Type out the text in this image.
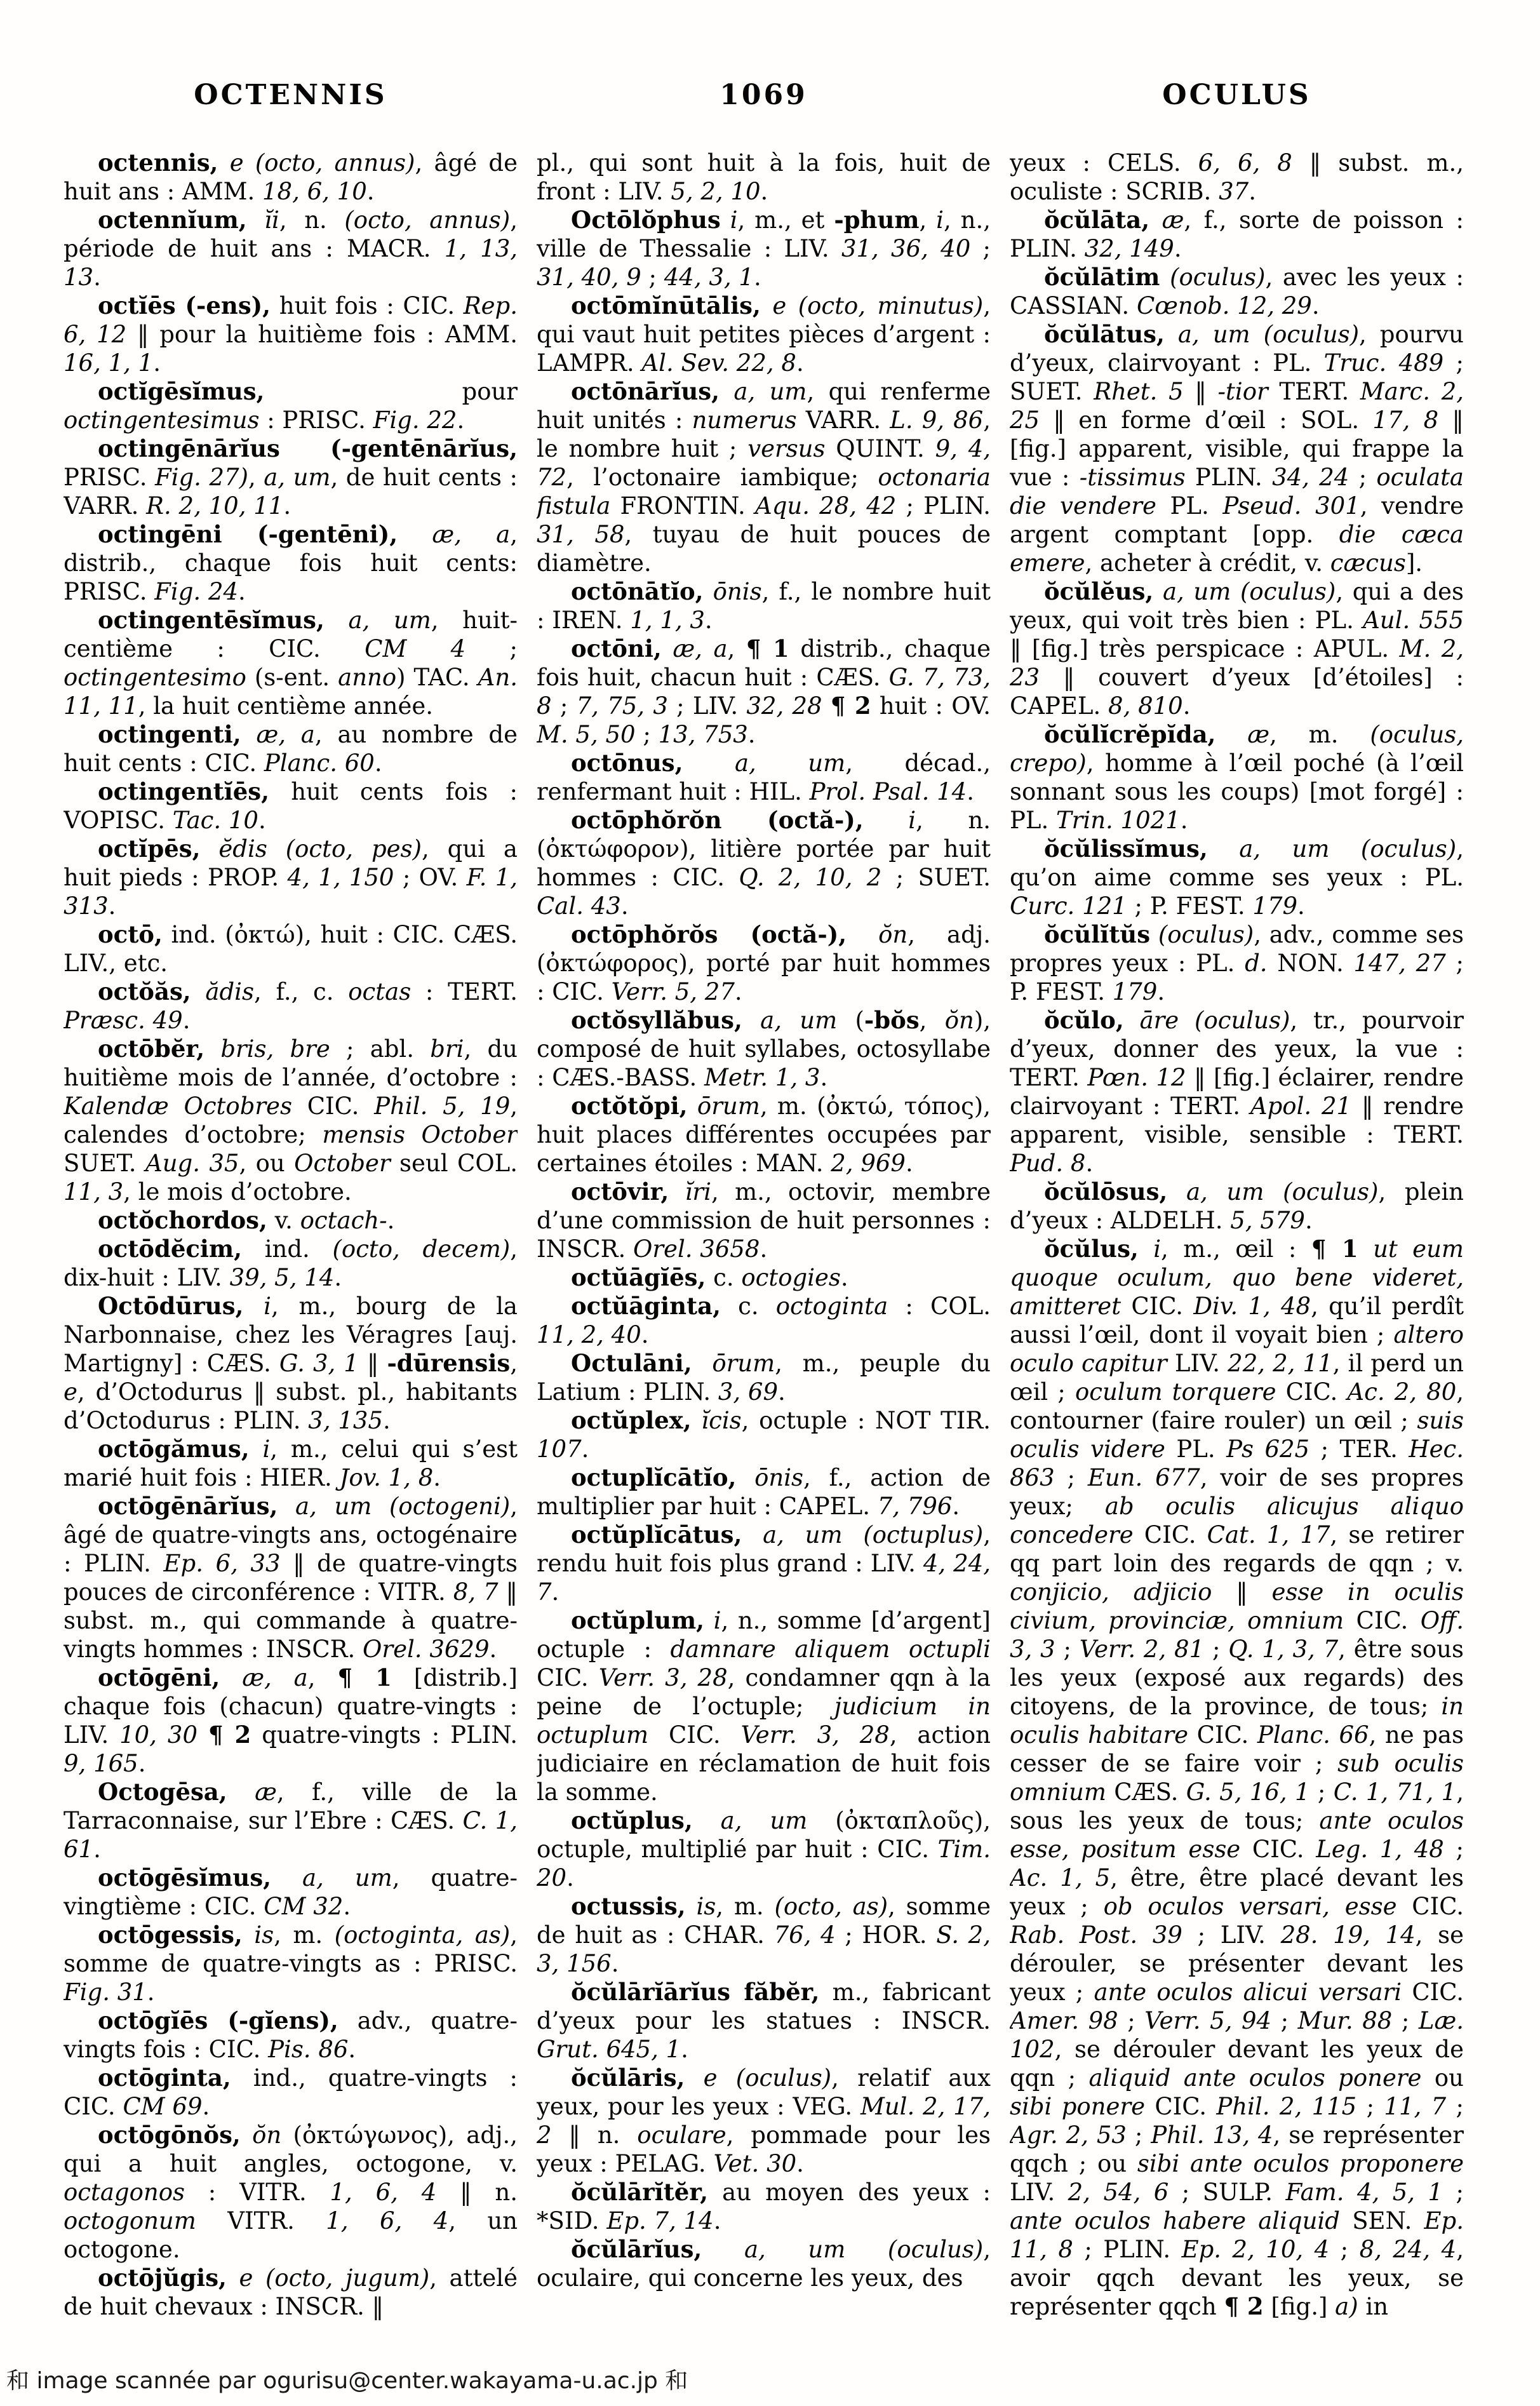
OCTENNIS	1069	OCULUS

octennis, e (octo, annus), âgé de huit ans : AMM. 18, 6, 10.

octennĭum, ĭi, n. (octo, annus), période de huit ans : MACR. 1, 13, 13.

octĭēs (-ens), huit fois : CIC. Rep. 6, 12 ‖ pour la huitième fois : AMM. 16, 1, 1.

octĭgēsĭmus, pour octingentesimus : PRISC. Fig. 22.

octingēnārĭus (-gentēnārĭus, PRISC. Fig. 27), a, um, de huit cents : VARR. R. 2, 10, 11.

octingēni (-gentēni), æ, a, distrib., chaque fois huit cents: PRISC. Fig. 24.

octingentēsĭmus, a, um, huit-centième : CIC. CM 4 ; octingentesimo (s-ent. anno) TAC. An. 11, 11, la huit centième année.

octingenti, æ, a, au nombre de huit cents : CIC. Planc. 60.

octingentĭēs, huit cents fois : VOPISC. Tac. 10.

octĭpēs, ĕdis (octo, pes), qui a huit pieds : PROP. 4, 1, 150 ; OV. F. 1, 313.

octō, ind. (ὀκτώ), huit : CIC. CÆS. LIV., etc.

octŏăs, ădis, f., c. octas : TERT. Præsc. 49.

octōbĕr, bris, bre ; abl. bri, du huitième mois de l’année, d’octobre : Kalendæ Octobres CIC. Phil. 5, 19, calendes d’octobre; mensis October SUET. Aug. 35, ou October seul COL. 11, 3, le mois d’octobre.

octŏchordos, v. octach-.

octōdĕcim, ind. (octo, decem), dix-huit : LIV. 39, 5, 14.

Octōdūrus, i, m., bourg de la Narbonnaise, chez les Véragres [auj. Martigny] : CÆS. G. 3, 1 ‖ -dūrensis, e, d’Octodurus ‖ subst. pl., habitants d’Octodurus : PLIN. 3, 135.

octōgămus, i, m., celui qui s’est marié huit fois : HIER. Jov. 1, 8.

octōgēnārĭus, a, um (octogeni), âgé de quatre-vingts ans, octogénaire : PLIN. Ep. 6, 33 ‖ de quatre-vingts pouces de circonférence : VITR. 8, 7 ‖ subst. m., qui commande à quatre-vingts hommes : INSCR. Orel. 3629.

octōgēni, æ, a, ¶ 1 [distrib.] chaque fois (chacun) quatre-vingts : LIV. 10, 30 ¶ 2 quatre-vingts : PLIN. 9, 165.

Octogēsa, æ, f., ville de la Tarraconnaise, sur l’Ebre : CÆS. C. 1, 61.

octōgēsĭmus, a, um, quatre-vingtième : CIC. CM 32.

octōgessis, is, m. (octoginta, as), somme de quatre-vingts as : PRISC. Fig. 31.

octōgĭēs (-gĭens), adv., quatre-vingts fois : CIC. Pis. 86.

octōginta, ind., quatre-vingts : CIC. CM 69.

octōgōnŏs, ŏn (ὀκτώγωνος), adj., qui a huit angles, octogone, v. octagonos : VITR. 1, 6, 4 ‖ n. octogonum VITR. 1, 6, 4, un octogone.

octōjŭgis, e (octo, jugum), attelé de huit chevaux : INSCR. ‖

pl., qui sont huit à la fois, huit de front : LIV. 5, 2, 10.

Octōlŏphus i, m., et -phum, i, n., ville de Thessalie : LIV. 31, 36, 40 ; 31, 40, 9 ; 44, 3, 1.

octōmĭnūtālis, e (octo, minutus), qui vaut huit petites pièces d’argent : LAMPR. Al. Sev. 22, 8.

octōnārĭus, a, um, qui renferme huit unités : numerus VARR. L. 9, 86, le nombre huit ; versus QUINT. 9, 4, 72, l’octonaire iambique; octonaria fistula FRONTIN. Aqu. 28, 42 ; PLIN. 31, 58, tuyau de huit pouces de diamètre.

octōnātĭo, ōnis, f., le nombre huit : IREN. 1, 1, 3.

octōni, æ, a, ¶ 1 distrib., chaque fois huit, chacun huit : CÆS. G. 7, 73, 8 ; 7, 75, 3 ; LIV. 32, 28 ¶ 2 huit : OV. M. 5, 50 ; 13, 753.

octōnus, a, um, décad., renfermant huit : HIL. Prol. Psal. 14.

octōphŏrŏn (octă-), i, n. (ὀκτώφορον), litière portée par huit hommes : CIC. Q. 2, 10, 2 ; SUET. Cal. 43.

octōphŏrŏs (octă-), ŏn, adj. (ὀκτώφορος), porté par huit hommes : CIC. Verr. 5, 27.

octŏsyllăbus, a, um (-bŏs, ŏn), composé de huit syllabes, octosyllabe : CÆS.-BASS. Metr. 1, 3.

octŏtŏpi, ōrum, m. (ὀκτώ, τόπος), huit places différentes occupées par certaines étoiles : MAN. 2, 969.

octōvir, ĭri, m., octovir, membre d’une commission de huit personnes : INSCR. Orel. 3658.

octŭāgĭēs, c. octogies.

octŭāginta, c. octoginta : COL. 11, 2, 40.

Octulāni, ōrum, m., peuple du Latium : PLIN. 3, 69.

octŭplex, ĭcis, octuple : NOT TIR. 107.

octuplĭcātĭo, ōnis, f., action de multiplier par huit : CAPEL. 7, 796.

octŭplĭcātus, a, um (octuplus), rendu huit fois plus grand : LIV. 4, 24, 7.

octŭplum, i, n., somme [d’argent] octuple : damnare aliquem octupli CIC. Verr. 3, 28, condamner qqn à la peine de l’octuple; judicium in octuplum CIC. Verr. 3, 28, action judiciaire en réclamation de huit fois la somme.

octŭplus, a, um (ὀκταπλοῦς), octuple, multiplié par huit : CIC. Tim. 20.

octussis, is, m. (octo, as), somme de huit as : CHAR. 76, 4 ; HOR. S. 2, 3, 156.

ŏcŭlārĭārĭus făbĕr, m., fabricant d’yeux pour les statues : INSCR. Grut. 645, 1.

ŏcŭlāris, e (oculus), relatif aux yeux, pour les yeux : VEG. Mul. 2, 17, 2 ‖ n. oculare, pommade pour les yeux : PELAG. Vet. 30.

ŏcŭlārĭtĕr, au moyen des yeux : *SID. Ep. 7, 14.

ŏcŭlārĭus, a, um (oculus), oculaire, qui concerne les yeux, des

yeux : CELS. 6, 6, 8 ‖ subst. m., oculiste : SCRIB. 37.

ŏcŭlāta, æ, f., sorte de poisson : PLIN. 32, 149.

ŏcŭlātim (oculus), avec les yeux : CASSIAN. Cœnob. 12, 29.

ŏcŭlātus, a, um (oculus), pourvu d’yeux, clairvoyant : PL. Truc. 489 ; SUET. Rhet. 5 ‖ -tior TERT. Marc. 2, 25 ‖ en forme d’œil : SOL. 17, 8 ‖ [fig.] apparent, visible, qui frappe la vue : -tissimus PLIN. 34, 24 ; oculata die vendere PL. Pseud. 301, vendre argent comptant [opp. die cæca emere, acheter à crédit, v. cæcus].

ŏcŭlĕus, a, um (oculus), qui a des yeux, qui voit très bien : PL. Aul. 555 ‖ [fig.] très perspicace : APUL. M. 2, 23 ‖ couvert d’yeux [d’étoiles] : CAPEL. 8, 810.

ŏcŭlĭcrĕpĭda, æ, m. (oculus, crepo), homme à l’œil poché (à l’œil sonnant sous les coups) [mot forgé] : PL. Trin. 1021.

ŏcŭlissĭmus, a, um (oculus), qu’on aime comme ses yeux : PL. Curc. 121 ; P. FEST. 179.

ŏcŭlĭtŭs (oculus), adv., comme ses propres yeux : PL. d. NON. 147, 27 ; P. FEST. 179.

ŏcŭlo, āre (oculus), tr., pourvoir d’yeux, donner des yeux, la vue : TERT. Pœn. 12 ‖ [fig.] éclairer, rendre clairvoyant : TERT. Apol. 21 ‖ rendre apparent, visible, sensible : TERT. Pud. 8.

ŏcŭlōsus, a, um (oculus), plein d’yeux : ALDELH. 5, 579.

ŏcŭlus, i, m., œil : ¶ 1 ut eum quoque oculum, quo bene videret, amitteret CIC. Div. 1, 48, qu’il perdît aussi l’œil, dont il voyait bien ; altero oculo capitur LIV. 22, 2, 11, il perd un œil ; oculum torquere CIC. Ac. 2, 80, contourner (faire rouler) un œil ; suis oculis videre PL. Ps 625 ; TER. Hec. 863 ; Eun. 677, voir de ses propres yeux; ab oculis alicujus aliquo concedere CIC. Cat. 1, 17, se retirer qq part loin des regards de qqn ; v. conjicio, adjicio ‖ esse in oculis civium, provinciæ, omnium CIC. Off. 3, 3 ; Verr. 2, 81 ; Q. 1, 3, 7, être sous les yeux (exposé aux regards) des citoyens, de la province, de tous; in oculis habitare CIC. Planc. 66, ne pas cesser de se faire voir ; sub oculis omnium CÆS. G. 5, 16, 1 ; C. 1, 71, 1, sous les yeux de tous; ante oculos esse, positum esse CIC. Leg. 1, 48 ; Ac. 1, 5, être, être placé devant les yeux ; ob oculos versari, esse CIC. Rab. Post. 39 ; LIV. 28. 19, 14, se dérouler, se présenter devant les yeux ; ante oculos alicui versari CIC. Amer. 98 ; Verr. 5, 94 ; Mur. 88 ; Læ. 102, se dérouler devant les yeux de qqn ; aliquid ante oculos ponere ou sibi ponere CIC. Phil. 2, 115 ; 11, 7 ; Agr. 2, 53 ; Phil. 13, 4, se représenter qqch ; ou sibi ante oculos proponere LIV. 2, 54, 6 ; SULP. Fam. 4, 5, 1 ; ante oculos habere aliquid SEN. Ep. 11, 8 ; PLIN. Ep. 2, 10, 4 ; 8, 24, 4, avoir qqch devant les yeux, se représenter qqch ¶ 2 [fig.] a) in

和 image scannée par ogurisu@center.wakayama-u.ac.jp 和
